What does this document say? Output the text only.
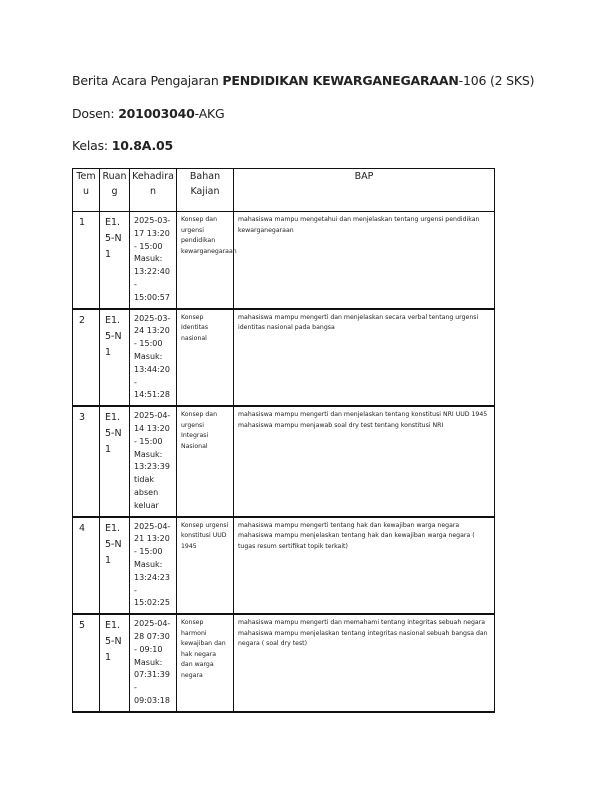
Berita Acara Pengajaran PENDIDIKAN KEWARGANEGARAAN-106 (2 SKS)
Dosen: 201003040-AKG
Kelas: 10.8A.05
Temu	Ruang	Kehadiran	Bahan Kajian	BAP
1	E1.5-N1	2025-03-17 13:20 - 15:00 Masuk: 13:22:40 - 15:00:57	Konsep dan urgensi pendidikan kewarganegaraan	mahasiswa mampu mengetahui dan menjelaskan tentang urgensi pendidikan kewarganegaraan
2	E1.5-N1	2025-03-24 13:20 - 15:00 Masuk: 13:44:20 - 14:51:28	Konsep Identitas nasional	mahasiswa mampu mengerti dan menjelaskan secara verbal tentang urgensi identitas nasional pada bangsa
3	E1.5-N1	2025-04-14 13:20 - 15:00 Masuk: 13:23:39 tidak absen keluar	Konsep dan urgensi Integrasi Nasional	mahasiswa mampu mengerti dan menjelaskan tentang konstitusi NRI UUD 1945 mahasiswa mampu menjawab soal dry test tentang konstitusi NRI
4	E1.5-N1	2025-04-21 13:20 - 15:00 Masuk: 13:24:23 - 15:02:25	Konsep urgensi konstitusi UUD 1945	mahasiswa mampu mengerti tentang hak dan kewajiban warga negara mahasiswa mampu menjelaskan tentang hak dan kewajiban warga negara ( tugas resum sertifikat topik terkait)
5	E1.5-N1	2025-04-28 07:30 - 09:10 Masuk: 07:31:39 - 09:03:18	Konsep harmoni kewajiban dan hak negara dan warga negara	mahasiswa mampu mengerti dan memahami tentang integritas sebuah negara mahasiswa mampu menjelaskan tentang integritas nasional sebuah bangsa dan negara ( soal dry test)
